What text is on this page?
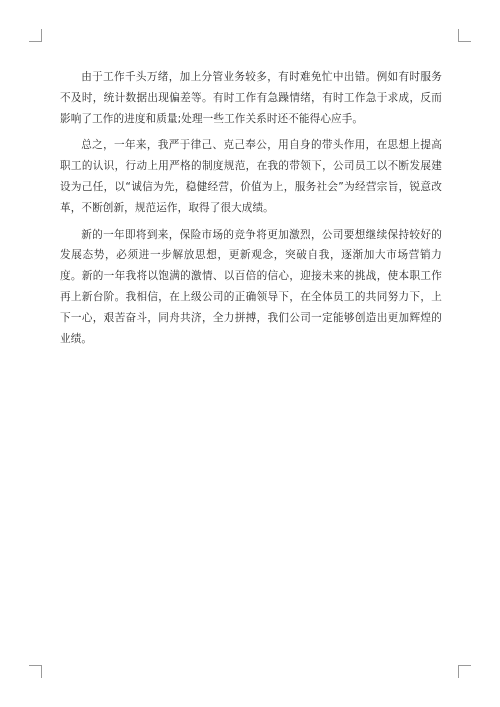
由于工作千头万绪，加上分管业务较多，有时难免忙中出错。例如有时服务不及时，统计数据出现偏差等。有时工作有急躁情绪，有时工作急于求成，反而影响了工作的进度和质量;处理一些工作关系时还不能得心应手。

总之，一年来，我严于律己、克己奉公，用自身的带头作用，在思想上提高职工的认识，行动上用严格的制度规范，在我的带领下，公司员工以不断发展建设为己任，以“诚信为先，稳健经营，价值为上，服务社会”为经营宗旨，锐意改革，不断创新，规范运作，取得了很大成绩。

新的一年即将到来，保险市场的竞争将更加激烈，公司要想继续保持较好的发展态势，必须进一步解放思想，更新观念，突破自我，逐渐加大市场营销力度。新的一年我将以饱满的激情、以百倍的信心，迎接未来的挑战，使本职工作再上新台阶。我相信，在上级公司的正确领导下，在全体员工的共同努力下，上下一心，艰苦奋斗，同舟共济，全力拼搏，我们公司一定能够创造出更加辉煌的业绩。
